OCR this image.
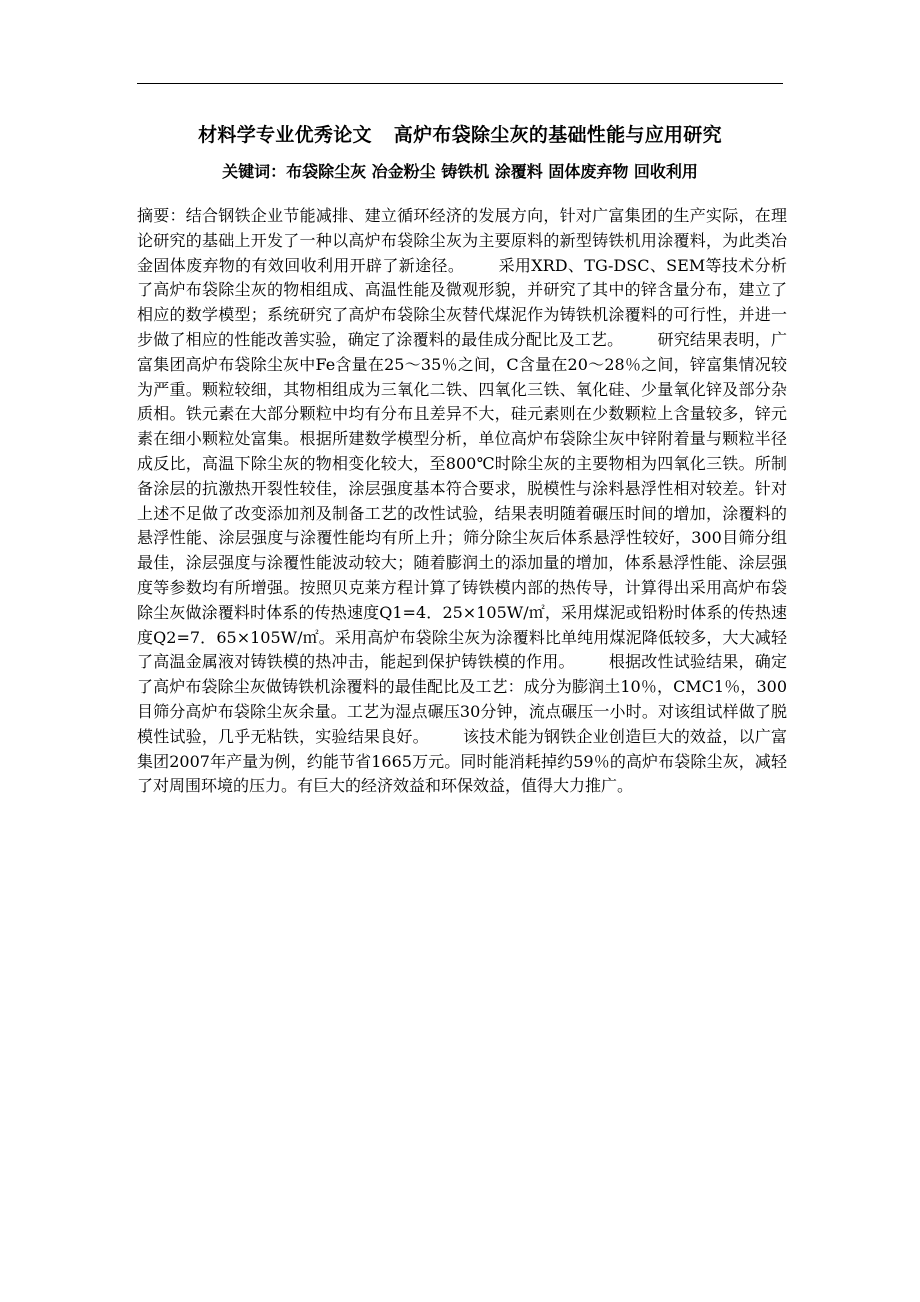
材料学专业优秀论文 高炉布袋除尘灰的基础性能与应用研究
关键词：布袋除尘灰 冶金粉尘 铸铁机 涂覆料 固体废弃物 回收利用
摘要：结合钢铁企业节能减排、建立循环经济的发展方向，针对广富集团的生产实际，在理论研究的基础上开发了一种以高炉布袋除尘灰为主要原料的新型铸铁机用涂覆料，为此类冶金固体废弃物的有效回收利用开辟了新途径。 采用XRD、TG-DSC、SEM等技术分析了高炉布袋除尘灰的物相组成、高温性能及微观形貌，并研究了其中的锌含量分布，建立了相应的数学模型；系统研究了高炉布袋除尘灰替代煤泥作为铸铁机涂覆料的可行性，并进一步做了相应的性能改善实验，确定了涂覆料的最佳成分配比及工艺。 研究结果表明，广富集团高炉布袋除尘灰中Fe含量在25～35％之间，C含量在20～28％之间，锌富集情况较为严重。颗粒较细，其物相组成为三氧化二铁、四氧化三铁、氧化硅、少量氧化锌及部分杂质相。铁元素在大部分颗粒中均有分布且差异不大，硅元素则在少数颗粒上含量较多，锌元素在细小颗粒处富集。根据所建数学模型分析，单位高炉布袋除尘灰中锌附着量与颗粒半径成反比，高温下除尘灰的物相变化较大，至800℃时除尘灰的主要物相为四氧化三铁。所制备涂层的抗激热开裂性较佳，涂层强度基本符合要求，脱模性与涂料悬浮性相对较差。针对上述不足做了改变添加剂及制备工艺的改性试验，结果表明随着碾压时间的增加，涂覆料的悬浮性能、涂层强度与涂覆性能均有所上升；筛分除尘灰后体系悬浮性较好，300目筛分组最佳，涂层强度与涂覆性能波动较大；随着膨润土的添加量的增加，体系悬浮性能、涂层强度等参数均有所增强。按照贝克莱方程计算了铸铁模内部的热传导，计算得出采用高炉布袋除尘灰做涂覆料时体系的传热速度Q1=4．25×105W/㎡，采用煤泥或铅粉时体系的传热速度Q2=7．65×105W/㎡。采用高炉布袋除尘灰为涂覆料比单纯用煤泥降低较多，大大减轻了高温金属液对铸铁模的热冲击，能起到保护铸铁模的作用。 根据改性试验结果，确定了高炉布袋除尘灰做铸铁机涂覆料的最佳配比及工艺：成分为膨润土10％，CMC1％，300目筛分高炉布袋除尘灰余量。工艺为湿点碾压30分钟，流点碾压一小时。对该组试样做了脱模性试验，几乎无粘铁，实验结果良好。 该技术能为钢铁企业创造巨大的效益，以广富集团2007年产量为例，约能节省1665万元。同时能消耗掉约59％的高炉布袋除尘灰，减轻了对周围环境的压力。有巨大的经济效益和环保效益，值得大力推广。
